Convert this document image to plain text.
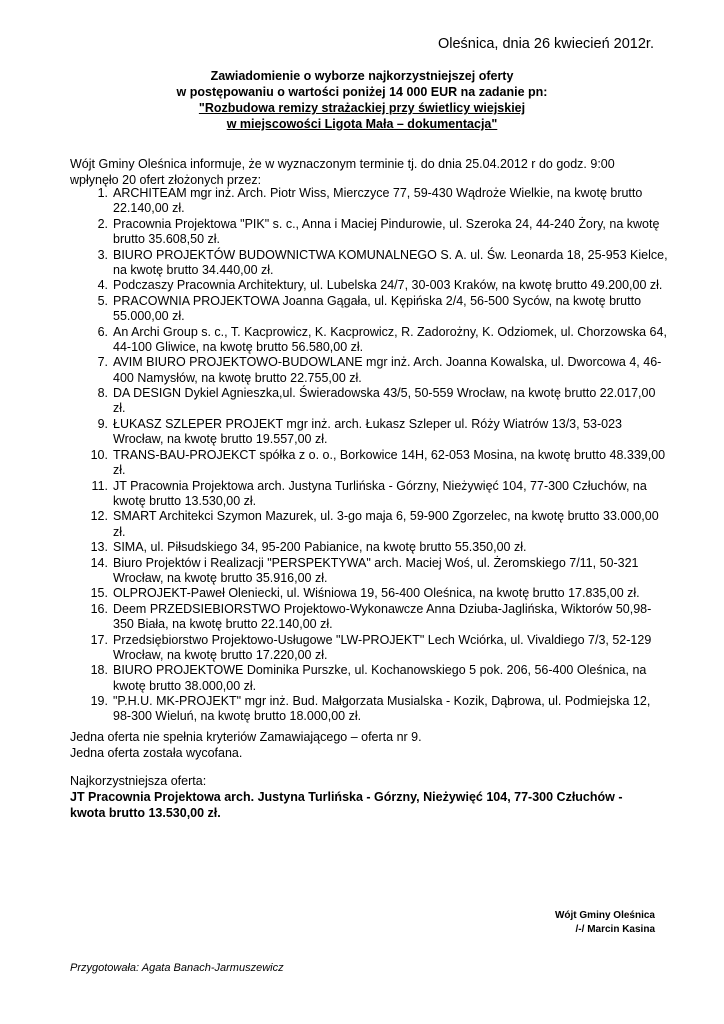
Oleśnica, dnia 26 kwiecień 2012r.
Zawiadomienie o wyborze najkorzystniejszej oferty
w postępowaniu o wartości poniżej 14 000 EUR na zadanie pn:
"Rozbudowa remizy strażackiej przy świetlicy wiejskiej
w miejscowości Ligota Mała – dokumentacja"
Wójt Gminy Oleśnica informuje, że w wyznaczonym terminie tj. do dnia 25.04.2012 r do godz. 9:00
wpłynęło 20 ofert złożonych przez:
1. ARCHITEAM mgr inż. Arch. Piotr Wiss, Mierczyce 77, 59-430 Wądroże Wielkie, na kwotę brutto 22.140,00 zł.
2. Pracownia Projektowa "PIK" s. c., Anna i Maciej Pindurowie, ul. Szeroka 24, 44-240 Żory, na kwotę brutto 35.608,50 zł.
3. BIURO PROJEKTÓW BUDOWNICTWA KOMUNALNEGO S. A. ul. Św. Leonarda 18, 25-953 Kielce, na kwotę brutto 34.440,00 zł.
4. Podczaszy Pracownia Architektury, ul. Lubelska 24/7, 30-003 Kraków, na kwotę brutto 49.200,00 zł.
5. PRACOWNIA PROJEKTOWA Joanna Gągała, ul. Kępińska 2/4, 56-500 Syców, na kwotę brutto 55.000,00 zł.
6. An Archi Group s. c., T. Kacprowicz, K. Kacprowicz, R. Zadorożny, K. Odziomek, ul. Chorzowska 64, 44-100 Gliwice, na kwotę brutto 56.580,00 zł.
7. AVIM BIURO PROJEKTOWO-BUDOWLANE mgr inż. Arch. Joanna Kowalska, ul. Dworcowa 4, 46-400 Namysłów, na kwotę brutto 22.755,00 zł.
8. DA DESIGN Dykiel Agnieszka,ul. Świeradowska 43/5, 50-559 Wrocław, na kwotę brutto 22.017,00 zł.
9. ŁUKASZ SZLEPER PROJEKT mgr inż. arch. Łukasz Szleper ul. Róży Wiatrów 13/3, 53-023 Wrocław, na kwotę brutto 19.557,00 zł.
10. TRANS-BAU-PROJEKCT spółka z o. o., Borkowice 14H, 62-053 Mosina, na kwotę brutto 48.339,00 zł.
11. JT Pracownia Projektowa arch. Justyna Turlińska - Górzny, Nieżywięć 104, 77-300 Człuchów, na kwotę brutto 13.530,00 zł.
12. SMART Architekci Szymon Mazurek, ul. 3-go maja 6, 59-900 Zgorzelec, na kwotę brutto 33.000,00 zł.
13. SIMA, ul. Piłsudskiego 34, 95-200 Pabianice, na kwotę brutto 55.350,00 zł.
14. Biuro Projektów i Realizacji "PERSPEKTYWA" arch. Maciej Woś, ul. Żeromskiego 7/11, 50-321 Wrocław, na kwotę brutto 35.916,00 zł.
15. OLPROJEKT-Paweł Oleniecki, ul. Wiśniowa 19, 56-400 Oleśnica, na kwotę brutto 17.835,00 zł.
16. Deem PRZEDSIEBIORSTWO Projektowo-Wykonawcze Anna Dziuba-Jaglińska, Wiktorów 50,98-350 Biała, na kwotę brutto 22.140,00 zł.
17. Przedsiębiorstwo Projektowo-Usługowe "LW-PROJEKT" Lech Wciórka, ul. Vivaldiego 7/3, 52-129 Wrocław, na kwotę brutto 17.220,00 zł.
18. BIURO PROJEKTOWE Dominika Purszke, ul. Kochanowskiego 5 pok. 206, 56-400 Oleśnica, na kwotę brutto 38.000,00 zł.
19. "P.H.U. MK-PROJEKT" mgr inż. Bud. Małgorzata Musialska - Kozik, Dąbrowa, ul. Podmiejska 12, 98-300 Wieluń, na kwotę brutto 18.000,00 zł.
Jedna oferta nie spełnia kryteriów Zamawiającego – oferta nr 9.
Jedna oferta została wycofana.
Najkorzystniejsza oferta:
JT Pracownia Projektowa arch. Justyna Turlińska - Górzny, Nieżywięć 104, 77-300 Człuchów - kwota brutto 13.530,00 zł.
Wójt Gminy Oleśnica
/-/ Marcin Kasina
Przygotowała: Agata Banach-Jarmuszewicz
